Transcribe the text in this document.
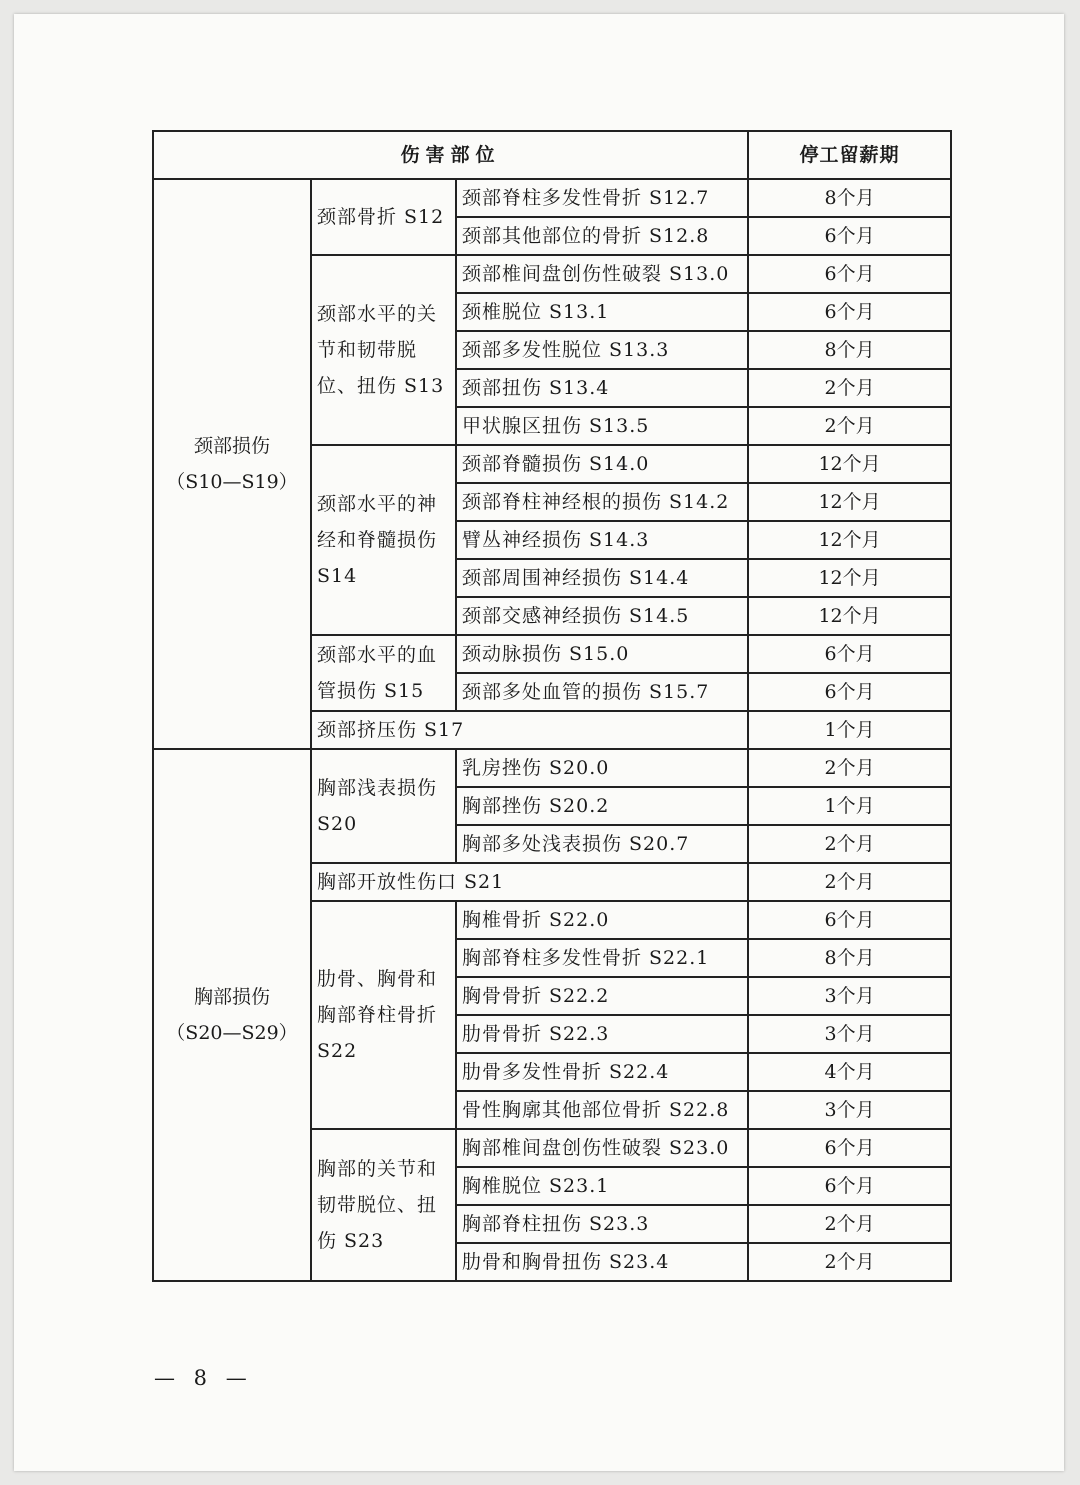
伤害部位			停工留薪期

颈部损伤
（S10—S19）	颈部骨折 S12	颈部脊柱多发性骨折 S12.7	8个月
		颈部其他部位的骨折 S12.8	6个月
	颈部水平的关节和韧带脱位、扭伤 S13	颈部椎间盘创伤性破裂 S13.0	6个月
		颈椎脱位 S13.1	6个月
		颈部多发性脱位 S13.3	8个月
		颈部扭伤 S13.4	2个月
		甲状腺区扭伤 S13.5	2个月
	颈部水平的神经和脊髓损伤 S14	颈部脊髓损伤 S14.0	12个月
		颈部脊柱神经根的损伤 S14.2	12个月
		臂丛神经损伤 S14.3	12个月
		颈部周围神经损伤 S14.4	12个月
		颈部交感神经损伤 S14.5	12个月
	颈部水平的血管损伤 S15	颈动脉损伤 S15.0	6个月
		颈部多处血管的损伤 S15.7	6个月
	颈部挤压伤 S17		1个月

胸部损伤
（S20—S29）	胸部浅表损伤 S20	乳房挫伤 S20.0	2个月
		胸部挫伤 S20.2	1个月
		胸部多处浅表损伤 S20.7	2个月
	胸部开放性伤口 S21		2个月
	肋骨、胸骨和胸部脊柱骨折 S22	胸椎骨折 S22.0	6个月
		胸部脊柱多发性骨折 S22.1	8个月
		胸骨骨折 S22.2	3个月
		肋骨骨折 S22.3	3个月
		肋骨多发性骨折 S22.4	4个月
		骨性胸廓其他部位骨折 S22.8	3个月
	胸部的关节和韧带脱位、扭伤 S23	胸部椎间盘创伤性破裂 S23.0	6个月
		胸椎脱位 S23.1	6个月
		胸部脊柱扭伤 S23.3	2个月
		肋骨和胸骨扭伤 S23.4	2个月
— 8 —
